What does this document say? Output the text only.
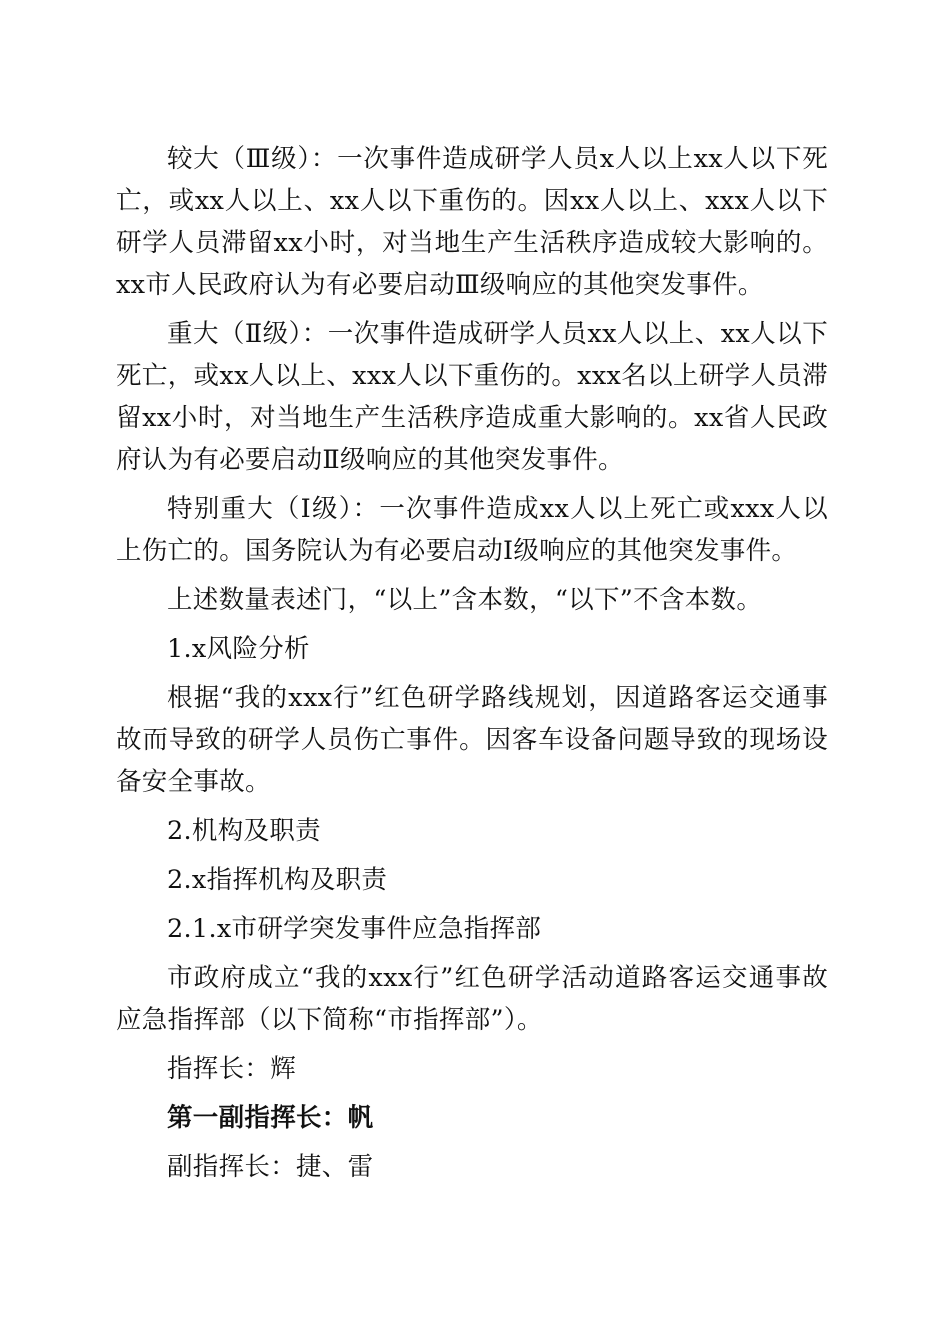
较大（Ⅲ级）：一次事件造成研学人员x人以上xx人以下死亡，或xx人以上、xx人以下重伤的。因xx人以上、xxx人以下研学人员滞留xx小时，对当地生产生活秩序造成较大影响的。xx市人民政府认为有必要启动Ⅲ级响应的其他突发事件。

重大（Ⅱ级）：一次事件造成研学人员xx人以上、xx人以下死亡，或xx人以上、xxx人以下重伤的。xxx名以上研学人员滞留xx小时，对当地生产生活秩序造成重大影响的。xx省人民政府认为有必要启动Ⅱ级响应的其他突发事件。

特别重大（Ⅰ级）：一次事件造成xx人以上死亡或xxx人以上伤亡的。国务院认为有必要启动Ⅰ级响应的其他突发事件。

上述数量表述门，“以上”含本数，“以下”不含本数。

1.x风险分析

根据“我的xxx行”红色研学路线规划，因道路客运交通事故而导致的研学人员伤亡事件。因客车设备问题导致的现场设备安全事故。

2.机构及职责

2.x指挥机构及职责

2.1.x市研学突发事件应急指挥部

市政府成立“我的xxx行”红色研学活动道路客运交通事故应急指挥部（以下简称“市指挥部”）。

指挥长：辉

第一副指挥长：帆

副指挥长：捷、雷
